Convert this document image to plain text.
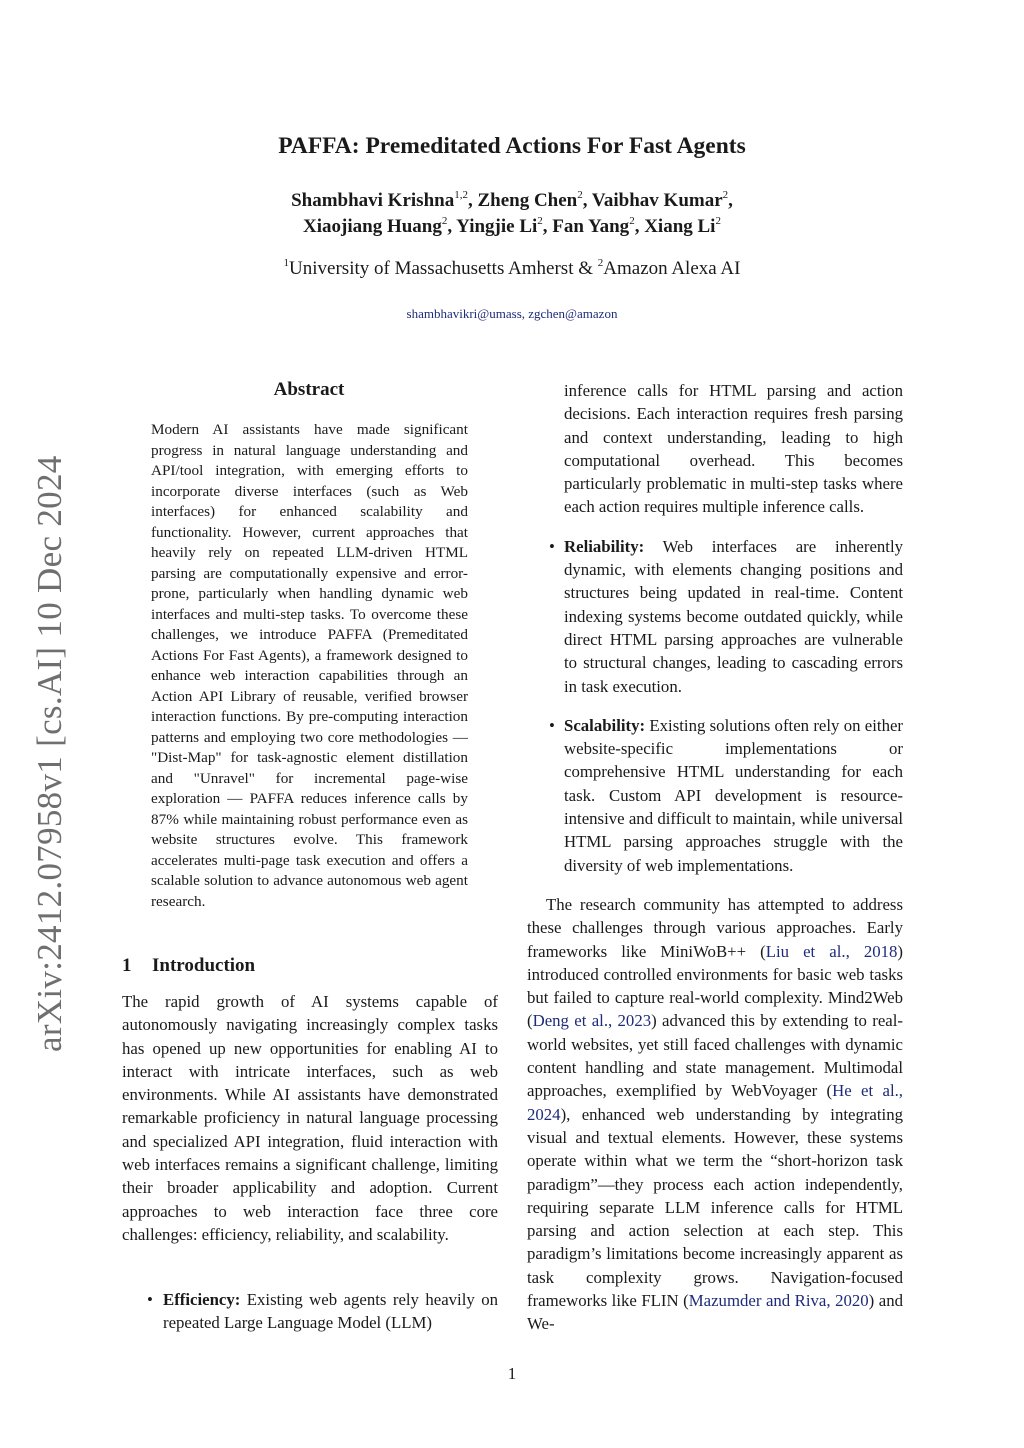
arXiv:2412.07958v1 [cs.AI] 10 Dec 2024
PAFFA: Premeditated Actions For Fast Agents
Shambhavi Krishna$^{1,2}$, Zheng Chen$^2$, Vaibhav Kumar$^2$,
Xiaojiang Huang$^2$, Yingjie Li$^2$, Fan Yang$^2$, Xiang Li$^2$
$^1$University of Massachusetts Amherst & $^2$Amazon Alexa AI
shambhavikri@umass, zgchen@amazon
Abstract
Modern AI assistants have made significant progress in natural language understanding and API/tool integration, with emerging efforts to incorporate diverse interfaces (such as Web interfaces) for enhanced scalability and functionality. However, current approaches that heavily rely on repeated LLM-driven HTML parsing are computationally expensive and error-prone, particularly when handling dynamic web interfaces and multi-step tasks. To overcome these challenges, we introduce PAFFA (Premeditated Actions For Fast Agents), a framework designed to enhance web interaction capabilities through an Action API Library of reusable, verified browser interaction functions. By pre-computing interaction patterns and employing two core methodologies — "Dist-Map" for task-agnostic element distillation and "Unravel" for incremental page-wise exploration — PAFFA reduces inference calls by 87% while maintaining robust performance even as website structures evolve. This framework accelerates multi-page task execution and offers a scalable solution to advance autonomous web agent research.
1 Introduction
The rapid growth of AI systems capable of autonomously navigating increasingly complex tasks has opened up new opportunities for enabling AI to interact with intricate interfaces, such as web environments. While AI assistants have demonstrated remarkable proficiency in natural language processing and specialized API integration, fluid interaction with web interfaces remains a significant challenge, limiting their broader applicability and adoption. Current approaches to web interaction face three core challenges: efficiency, reliability, and scalability.
• Efficiency: Existing web agents rely heavily on repeated Large Language Model (LLM)
inference calls for HTML parsing and action decisions. Each interaction requires fresh parsing and context understanding, leading to high computational overhead. This becomes particularly problematic in multi-step tasks where each action requires multiple inference calls.
• Reliability: Web interfaces are inherently dynamic, with elements changing positions and structures being updated in real-time. Content indexing systems become outdated quickly, while direct HTML parsing approaches are vulnerable to structural changes, leading to cascading errors in task execution.
• Scalability: Existing solutions often rely on either website-specific implementations or comprehensive HTML understanding for each task. Custom API development is resource-intensive and difficult to maintain, while universal HTML parsing approaches struggle with the diversity of web implementations.

The research community has attempted to address these challenges through various approaches. Early frameworks like MiniWoB++ (Liu et al., 2018) introduced controlled environments for basic web tasks but failed to capture real-world complexity. Mind2Web (Deng et al., 2023) advanced this by extending to real-world websites, yet still faced challenges with dynamic content handling and state management. Multimodal approaches, exemplified by WebVoyager (He et al., 2024), enhanced web understanding by integrating visual and textual elements. However, these systems operate within what we term the “short-horizon task paradigm”—they process each action independently, requiring separate LLM inference calls for HTML parsing and action selection at each step. This paradigm’s limitations become increasingly apparent as task complexity grows. Navigation-focused frameworks like FLIN (Mazumder and Riva, 2020) and We-

1
